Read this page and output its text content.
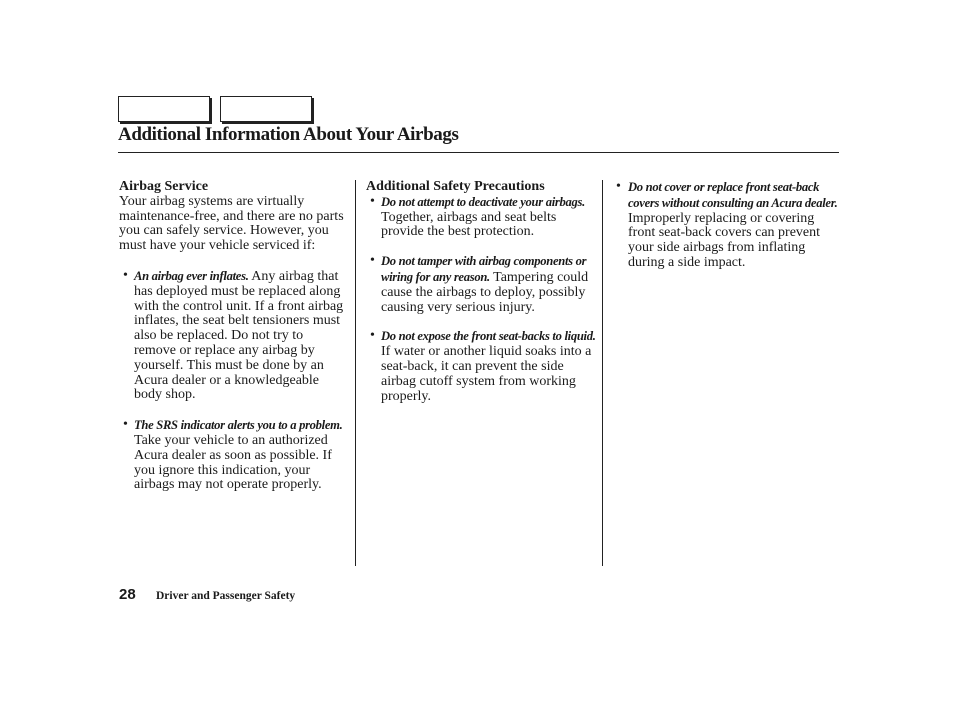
Additional Information About Your Airbags

Airbag Service

Your airbag systems are virtually maintenance-free, and there are no parts you can safely service. However, you must have your vehicle serviced if:

• An airbag ever inflates. Any airbag that has deployed must be replaced along with the control unit. If a front airbag inflates, the seat belt tensioners must also be replaced. Do not try to remove or replace any airbag by yourself. This must be done by an Acura dealer or a knowledgeable body shop.
• The SRS indicator alerts you to a problem. Take your vehicle to an authorized Acura dealer as soon as possible. If you ignore this indication, your airbags may not operate properly.

Additional Safety Precautions

• Do not attempt to deactivate your airbags. Together, airbags and seat belts provide the best protection.
• Do not tamper with airbag components or wiring for any reason. Tampering could cause the airbags to deploy, possibly causing very serious injury.
• Do not expose the front seat-backs to liquid. If water or another liquid soaks into a seat-back, it can prevent the side airbag cutoff system from working properly.
• Do not cover or replace front seat-back covers without consulting an Acura dealer. Improperly replacing or covering front seat-back covers can prevent your side airbags from inflating during a side impact.
28 Driver and Passenger Safety
